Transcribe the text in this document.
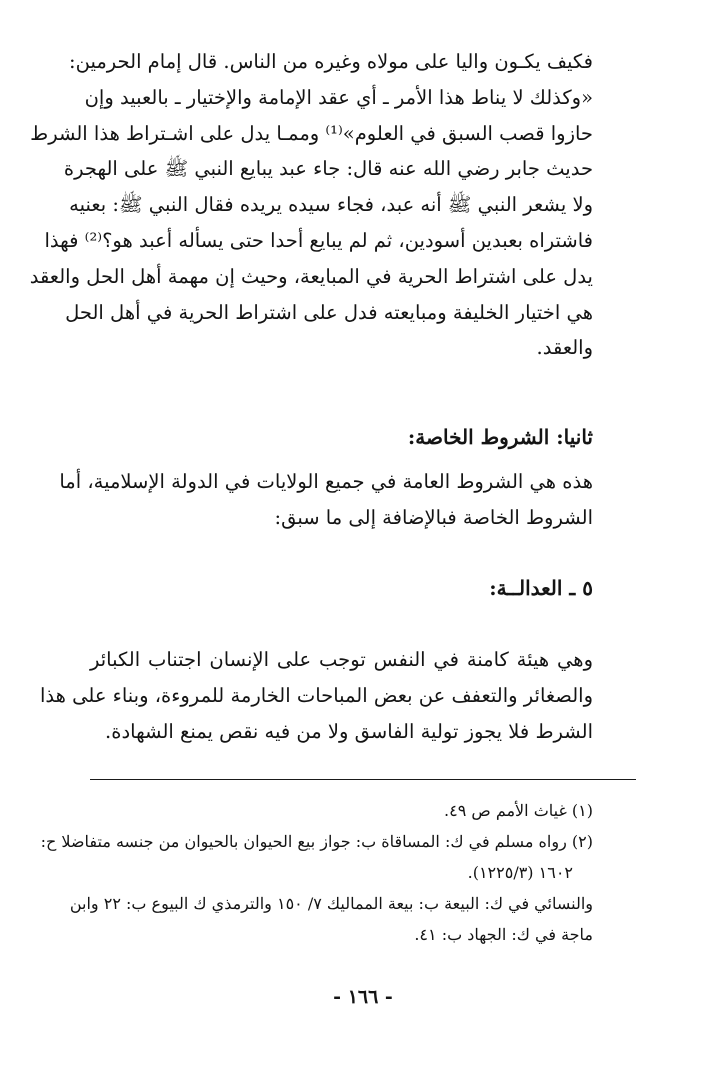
فكيف يكـون واليا على مولاه وغيره من الناس. قال إمام الحرمين:
«وكذلك لا يناط هذا الأمر ـ أي عقد الإمامة والإختيار ـ بالعبيد وإن
حازوا قصب السبق في العلوم»⁽¹⁾ وممـا يدل على اشـتراط هذا الشرط
حديث جابر رضي الله عنه قال: جاء عبد يبايع النبي ﷺ على الهجرة
ولا يشعر النبي ﷺ أنه عبد، فجاء سيده يريده فقال النبي ﷺ: بعنيه
فاشتراه بعبدين أسودين، ثم لم يبايع أحدا حتى يسأله أعبد هو؟⁽²⁾ فهذا
يدل على اشتراط الحرية في المبايعة، وحيث إن مهمة أهل الحل والعقد
هي اختيار الخليفة ومبايعته فدل على اشتراط الحرية في أهل الحل
والعقد.
ثانيا: الشروط الخاصة:
هذه هي الشروط العامة في جميع الولايات في الدولة الإسلامية، أما
الشروط الخاصة فبالإضافة إلى ما سبق:
٥ ـ العدالــة:
وهي هيئة كامنة في النفس توجب على الإنسان اجتناب الكبائر
والصغائر والتعفف عن بعض المباحات الخارمة للمروءة، وبناء على هذا
الشرط فلا يجوز تولية الفاسق ولا من فيه نقص يمنع الشهادة.
(١) غياث الأمم ص ٤٩.
(٢) رواه مسلم في ك: المساقاة ب: جواز بيع الحيوان بالحيوان من جنسه متفاضلا ح:
١٦٠٢ (١٢٢٥/٣).
والنسائي في ك: البيعة ب: بيعة المماليك ٧/ ١٥٠ والترمذي ك البيوع ب: ٢٢ وابن
ماجة في ك: الجهاد ب: ٤١.
- ١٦٦ -
